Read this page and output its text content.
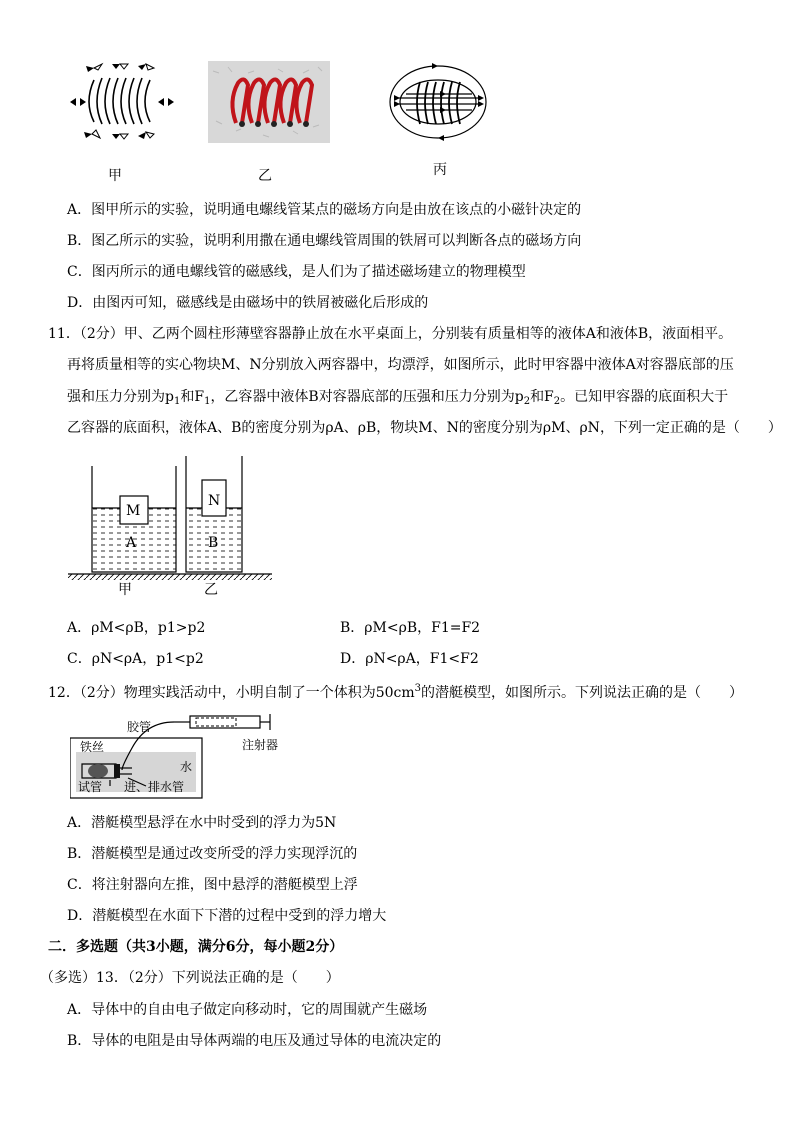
甲	乙	丙
A．图甲所示的实验，说明通电螺线管某点的磁场方向是由放在该点的小磁针决定的
B．图乙所示的实验，说明利用撒在通电螺线管周围的铁屑可以判断各点的磁场方向
C．图丙所示的通电螺线管的磁感线，是人们为了描述磁场建立的物理模型
D．由图丙可知，磁感线是由磁场中的铁屑被磁化后形成的
11．（2分）甲、乙两个圆柱形薄壁容器静止放在水平桌面上，分别装有质量相等的液体A和液体B，液面相平。
再将质量相等的实心物块M、N分别放入两容器中，均漂浮，如图所示，此时甲容器中液体A对容器底部的压
强和压力分别为$p_1$和$F_1$，乙容器中液体B对容器底部的压强和压力分别为$p_2$和$F_2$。已知甲容器的底面积大于
乙容器的底面积，液体A、B的密度分别为ρA、ρB，物块M、N的密度分别为ρM、ρN，下列一定正确的是（　　）
M
N
A	B
甲	乙
A．ρM<ρB，p1>p2	B．ρM<ρB，F1=F2
C．ρN<ρA，p1<p2	D．ρN<ρA，F1<F2
12．（2分）物理实践活动中，小明自制了一个体积为$50cm^3$的潜艇模型，如图所示。下列说法正确的是（　　）
胶管
注射器
铁丝
水
试管 进、排水管
A．潜艇模型悬浮在水中时受到的浮力为5N
B．潜艇模型是通过改变所受的浮力实现浮沉的
C．将注射器向左推，图中悬浮的潜艇模型上浮
D．潜艇模型在水面下下潜的过程中受到的浮力增大
二．多选题（共3小题，满分6分，每小题2分）
（多选）13．（2分）下列说法正确的是（　　）
A．导体中的自由电子做定向移动时，它的周围就产生磁场
B．导体的电阻是由导体两端的电压及通过导体的电流决定的
